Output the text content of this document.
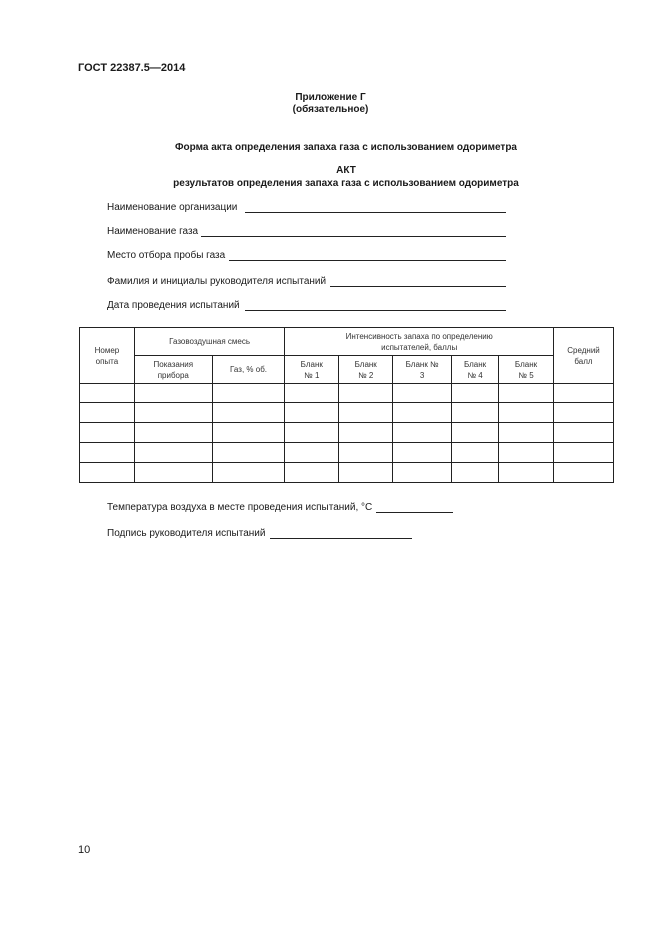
ГОСТ 22387.5—2014
Приложение Г
(обязательное)
Форма акта определения запаха газа с использованием одориметра
АКТ
результатов определения запаха газа с использованием одориметра
Наименование организации
Наименование газа
Место отбора пробы газа
Фамилия и инициалы руководителя испытаний
Дата проведения испытаний
Номер опыта	Газовоздушная смесь		Интенсивность запаха по определению испытателей, баллы					Средний балл
	Показания прибора	Газ, % об.	Бланк № 1	Бланк № 2	Бланк № 3	Бланк № 4	Бланк № 5	

Температура воздуха в месте проведения испытаний, °С
Подпись руководителя испытаний
10
